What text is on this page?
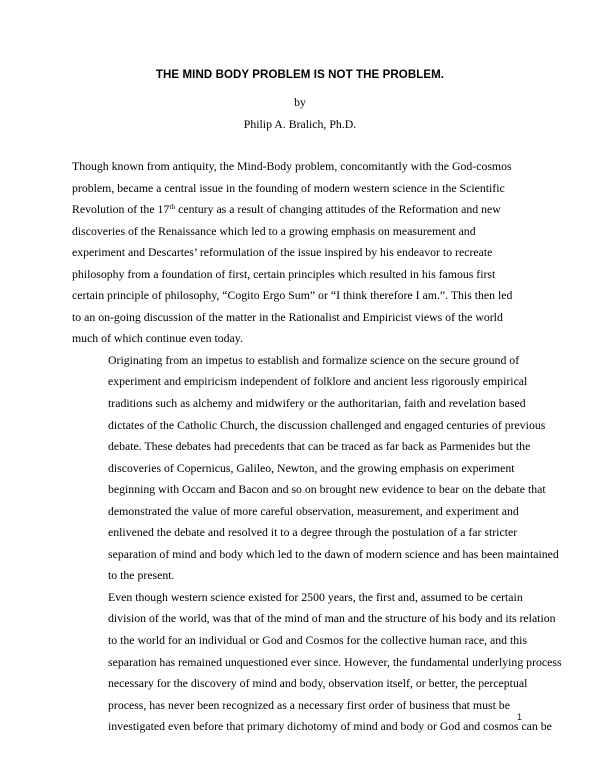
THE MIND BODY PROBLEM IS NOT THE PROBLEM.
by
Philip A. Bralich, Ph.D.

Though known from antiquity, the Mind-Body problem, concomitantly with the God-cosmos
problem, became a central issue in the founding of modern western science in the Scientific
Revolution of the 17th century as a result of changing attitudes of the Reformation and new
discoveries of the Renaissance which led to a growing emphasis on measurement and
experiment and Descartes’ reformulation of the issue inspired by his endeavor to recreate
philosophy from a foundation of first, certain principles which resulted in his famous first
certain principle of philosophy, “Cogito Ergo Sum” or “I think therefore I am.”. This then led
to an on-going discussion of the matter in the Rationalist and Empiricist views of the world
much of which continue even today.

Originating from an impetus to establish and formalize science on the secure ground of
experiment and empiricism independent of folklore and ancient less rigorously empirical
traditions such as alchemy and midwifery or the authoritarian, faith and revelation based
dictates of the Catholic Church, the discussion challenged and engaged centuries of previous
debate. These debates had precedents that can be traced as far back as Parmenides but the
discoveries of Copernicus, Galileo, Newton, and the growing emphasis on experiment
beginning with Occam and Bacon and so on brought new evidence to bear on the debate that
demonstrated the value of more careful observation, measurement, and experiment and
enlivened the debate and resolved it to a degree through the postulation of a far stricter
separation of mind and body which led to the dawn of modern science and has been maintained
to the present.

Even though western science existed for 2500 years, the first and, assumed to be certain
division of the world, was that of the mind of man and the structure of his body and its relation
to the world for an individual or God and Cosmos for the collective human race, and this
separation has remained unquestioned ever since. However, the fundamental underlying process
necessary for the discovery of mind and body, observation itself, or better, the perceptual
process, has never been recognized as a necessary first order of business that must be
investigated even before that primary dichotomy of mind and body or God and cosmos can be

1
